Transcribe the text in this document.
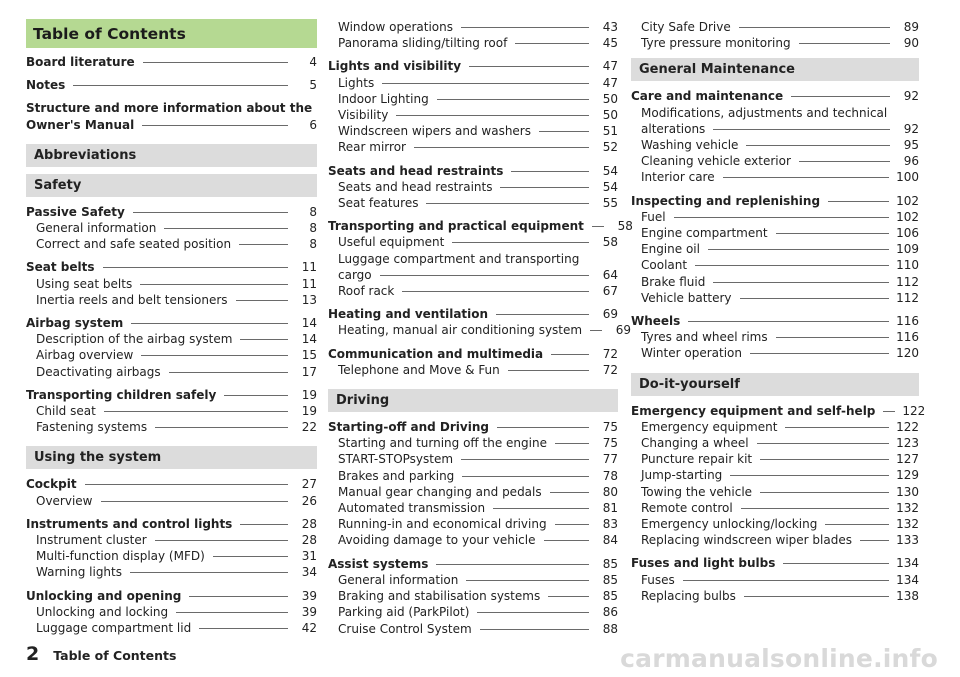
Table of Contents
Board literature	4
Notes	5
Structure and more information about the
Owner's Manual	6
Abbreviations
Safety
Passive Safety	8
General information	8
Correct and safe seated position	8
Seat belts	11
Using seat belts	11
Inertia reels and belt tensioners	13
Airbag system	14
Description of the airbag system	14
Airbag overview	15
Deactivating airbags	17
Transporting children safely	19
Child seat	19
Fastening systems	22
Using the system
Cockpit	27
Overview	26
Instruments and control lights	28
Instrument cluster	28
Multi-function display (MFD)	31
Warning lights	34
Unlocking and opening	39
Unlocking and locking	39
Luggage compartment lid	42
Window operations	43
Panorama sliding/tilting roof	45
Lights and visibility	47
Lights	47
Indoor Lighting	50
Visibility	50
Windscreen wipers and washers	51
Rear mirror	52
Seats and head restraints	54
Seats and head restraints	54
Seat features	55
Transporting and practical equipment	58
Useful equipment	58
Luggage compartment and transporting
cargo	64
Roof rack	67
Heating and ventilation	69
Heating, manual air conditioning system	69
Communication and multimedia	72
Telephone and Move & Fun	72
Driving
Starting-off and Driving	75
Starting and turning off the engine	75
START-STOPsystem	77
Brakes and parking	78
Manual gear changing and pedals	80
Automated transmission	81
Running-in and economical driving	83
Avoiding damage to your vehicle	84
Assist systems	85
General information	85
Braking and stabilisation systems	85
Parking aid (ParkPilot)	86
Cruise Control System	88
City Safe Drive	89
Tyre pressure monitoring	90
General Maintenance
Care and maintenance	92
Modifications, adjustments and technical
alterations	92
Washing vehicle	95
Cleaning vehicle exterior	96
Interior care	100
Inspecting and replenishing	102
Fuel	102
Engine compartment	106
Engine oil	109
Coolant	110
Brake fluid	112
Vehicle battery	112
Wheels	116
Tyres and wheel rims	116
Winter operation	120
Do-it-yourself
Emergency equipment and self-help 122
Emergency equipment	122
Changing a wheel	123
Puncture repair kit	127
Jump-starting	129
Towing the vehicle	130
Remote control	132
Emergency unlocking/locking	132
Replacing windscreen wiper blades	133
Fuses and light bulbs	134
Fuses	134
Replacing bulbs	138
2 Table of Contents	carmanualsonline.info
